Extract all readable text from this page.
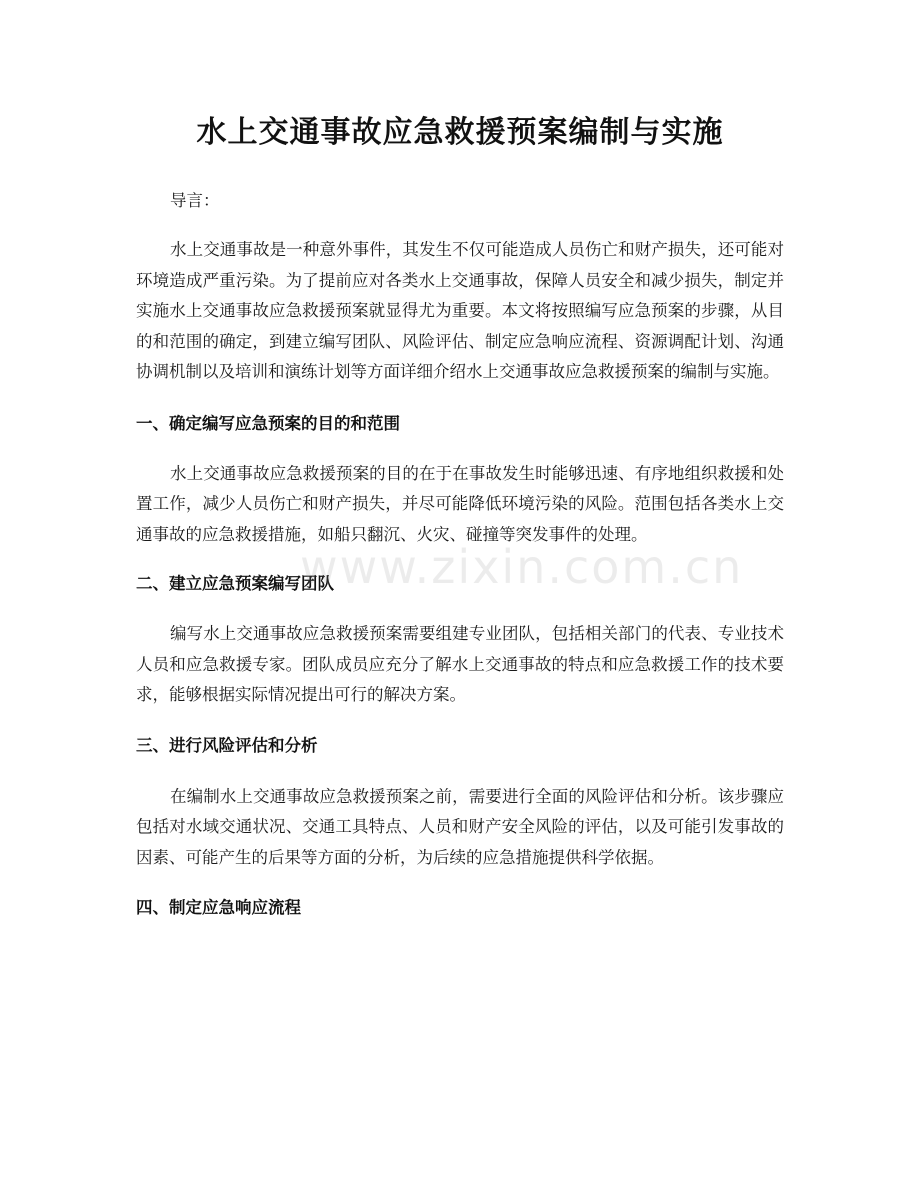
水上交通事故应急救援预案编制与实施

导言：

水上交通事故是一种意外事件，其发生不仅可能造成人员伤亡和财产损失，还可能对环境造成严重污染。为了提前应对各类水上交通事故，保障人员安全和减少损失，制定并实施水上交通事故应急救援预案就显得尤为重要。本文将按照编写应急预案的步骤，从目的和范围的确定，到建立编写团队、风险评估、制定应急响应流程、资源调配计划、沟通协调机制以及培训和演练计划等方面详细介绍水上交通事故应急救援预案的编制与实施。

一、确定编写应急预案的目的和范围

水上交通事故应急救援预案的目的在于在事故发生时能够迅速、有序地组织救援和处置工作，减少人员伤亡和财产损失，并尽可能降低环境污染的风险。范围包括各类水上交通事故的应急救援措施，如船只翻沉、火灾、碰撞等突发事件的处理。

二、建立应急预案编写团队

编写水上交通事故应急救援预案需要组建专业团队，包括相关部门的代表、专业技术人员和应急救援专家。团队成员应充分了解水上交通事故的特点和应急救援工作的技术要求，能够根据实际情况提出可行的解决方案。

三、进行风险评估和分析

在编制水上交通事故应急救援预案之前，需要进行全面的风险评估和分析。该步骤应包括对水域交通状况、交通工具特点、人员和财产安全风险的评估，以及可能引发事故的因素、可能产生的后果等方面的分析，为后续的应急措施提供科学依据。

四、制定应急响应流程
www.zixin.com.cn
